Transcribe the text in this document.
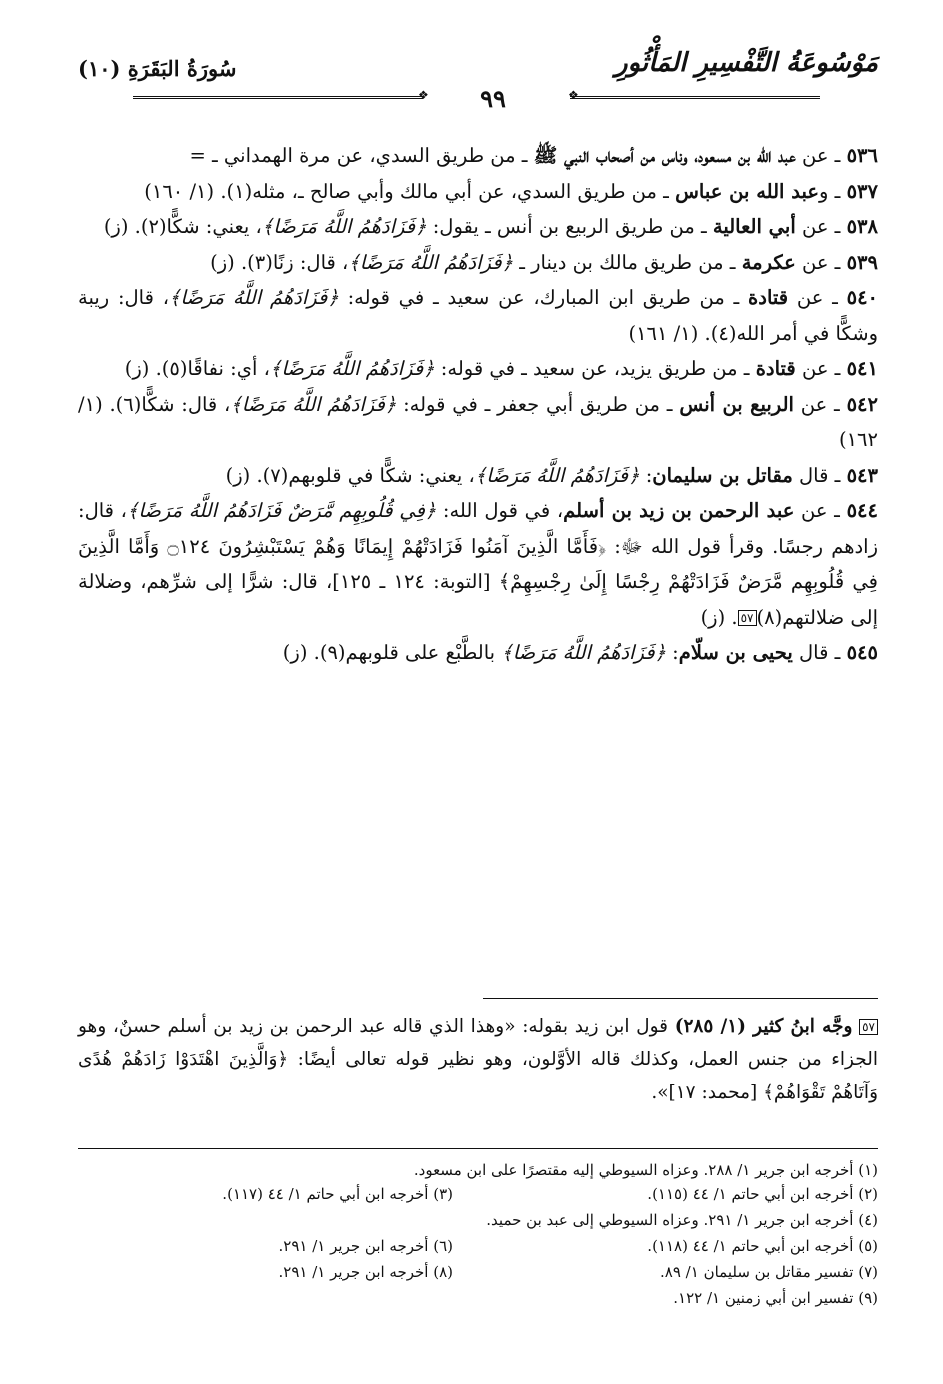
مَوْسُوعَةُ التَّفْسِيرِ المَأْثُورِ
❖
٩٩
❖
سُورَةُ البَقَرَةِ (١٠)

٥٣٦ ـ عن عبد الله بن مسعود، وناس من أصحاب النبي ﷺ ـ من طريق السدي، عن مرة الهمداني ـ =

٥٣٧ ـ وعبد الله بن عباس ـ من طريق السدي، عن أبي مالك وأبي صالح ـ، مثله(١). (١/ ١٦٠)

٥٣٨ ـ عن أبي العالية ـ من طريق الربيع بن أنس ـ يقول: ﴿فَزَادَهُمُ اللَّهُ مَرَضًا﴾، يعني: شكًّا(٢). (ز)

٥٣٩ ـ عن عكرمة ـ من طريق مالك بن دينار ـ ﴿فَزَادَهُمُ اللَّهُ مَرَضًا﴾، قال: زنًا(٣). (ز)

٥٤٠ ـ عن قتادة ـ من طريق ابن المبارك، عن سعيد ـ في قوله: ﴿فَزَادَهُمُ اللَّهُ مَرَضًا﴾، قال: ريبة وشكًّا في أمر الله(٤). (١/ ١٦١)

٥٤١ ـ عن قتادة ـ من طريق يزيد، عن سعيد ـ في قوله: ﴿فَزَادَهُمُ اللَّهُ مَرَضًا﴾، أي: نفاقًا(٥). (ز)

٥٤٢ ـ عن الربيع بن أنس ـ من طريق أبي جعفر ـ في قوله: ﴿فَزَادَهُمُ اللَّهُ مَرَضًا﴾، قال: شكًّا(٦). (١/ ١٦٢)

٥٤٣ ـ قال مقاتل بن سليمان: ﴿فَزَادَهُمُ اللَّهُ مَرَضًا﴾، يعني: شكًّا في قلوبهم(٧). (ز)

٥٤٤ ـ عن عبد الرحمن بن زيد بن أسلم، في قول الله: ﴿فِي قُلُوبِهِم مَّرَضٌ فَزَادَهُمُ اللَّهُ مَرَضًا﴾، قال: زادهم رجسًا. وقرأ قول الله ﷻ: ﴿فَأَمَّا الَّذِينَ آمَنُوا فَزَادَتْهُمْ إِيمَانًا وَهُمْ يَسْتَبْشِرُونَ ۝١٢٤ وَأَمَّا الَّذِينَ فِي قُلُوبِهِم مَّرَضٌ فَزَادَتْهُمْ رِجْسًا إِلَىٰ رِجْسِهِمْ﴾ [التوبة: ١٢٤ ـ ١٢٥]، قال: شرًّا إلى شرِّهم، وضلالة إلى ضلالتهم(٨)٥٧. (ز)

٥٤٥ ـ قال يحيى بن سلّام: ﴿فَزَادَهُمُ اللَّهُ مَرَضًا﴾ بالطَّبْع على قلوبهم(٩). (ز)

٥٧ وجَّه ابنُ كثير (١/ ٢٨٥) قول ابن زيد بقوله: «وهذا الذي قاله عبد الرحمن بن زيد بن أسلم حسنٌ، وهو الجزاء من جنس العمل، وكذلك قاله الأوَّلون، وهو نظير قوله تعالى أيضًا: ﴿وَالَّذِينَ اهْتَدَوْا زَادَهُمْ هُدًى وَآتَاهُمْ تَقْوَاهُمْ﴾ [محمد: ١٧]».
(١) أخرجه ابن جرير ١/ ٢٨٨. وعزاه السيوطي إليه مقتصرًا على ابن مسعود.
(٢) أخرجه ابن أبي حاتم ١/ ٤٤ (١١٥).
(٣) أخرجه ابن أبي حاتم ١/ ٤٤ (١١٧).
(٤) أخرجه ابن جرير ١/ ٢٩١. وعزاه السيوطي إلى عبد بن حميد.
(٥) أخرجه ابن أبي حاتم ١/ ٤٤ (١١٨).
(٦) أخرجه ابن جرير ١/ ٢٩١.
(٧) تفسير مقاتل بن سليمان ١/ ٨٩.
(٨) أخرجه ابن جرير ١/ ٢٩١.
(٩) تفسير ابن أبي زمنين ١/ ١٢٢.
